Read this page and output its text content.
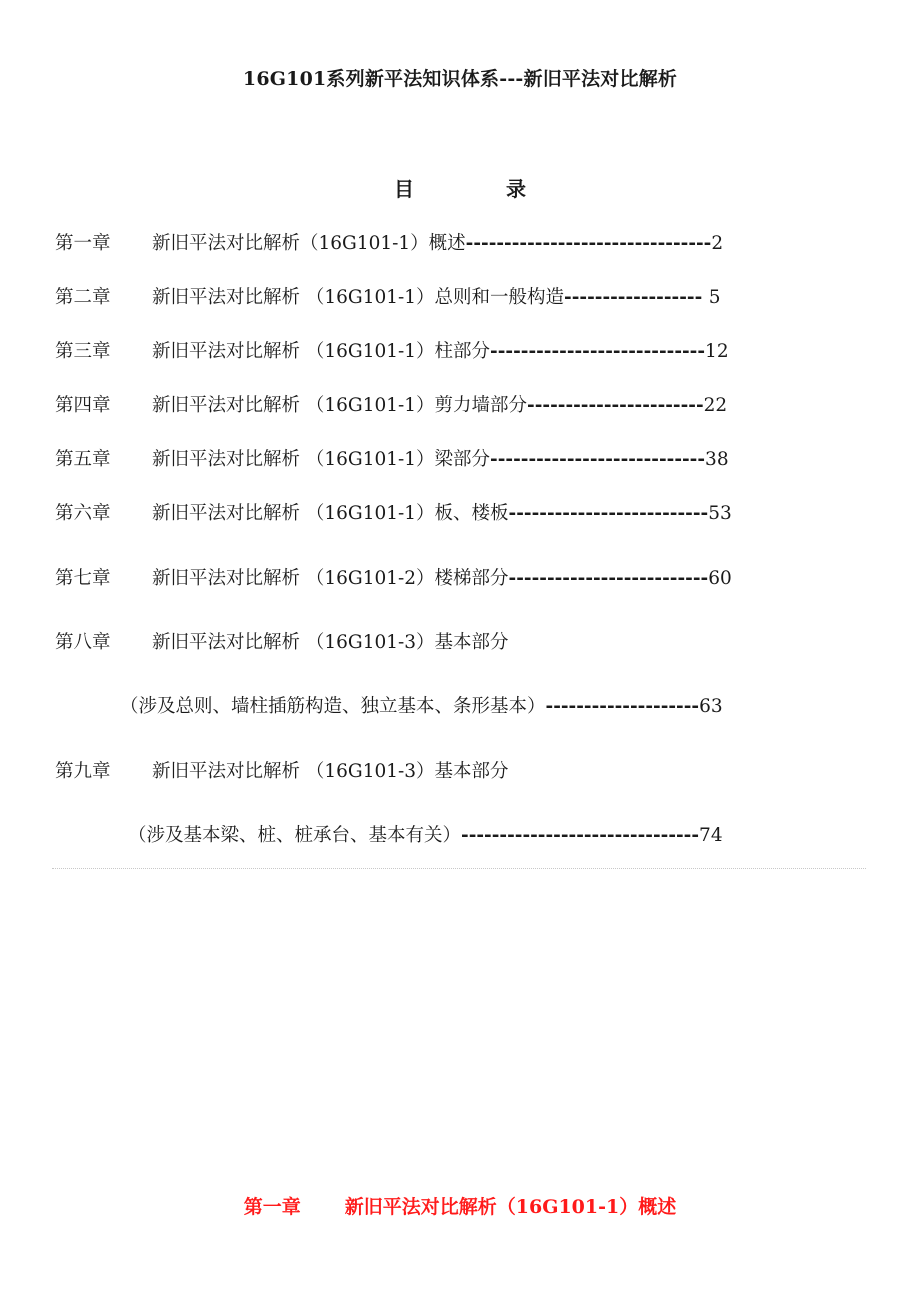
16G101系列新平法知识体系---新旧平法对比解析
目	录
第一章 新旧平法对比解析（16G101-1）概述--------------------------------2
第二章 新旧平法对比解析 （16G101-1）总则和一般构造------------------ 5
第三章 新旧平法对比解析 （16G101-1）柱部分----------------------------12
第四章 新旧平法对比解析 （16G101-1）剪力墙部分-----------------------22
第五章 新旧平法对比解析 （16G101-1）梁部分----------------------------38
第六章 新旧平法对比解析 （16G101-1）板、楼板--------------------------53
第七章 新旧平法对比解析 （16G101-2）楼梯部分--------------------------60
第八章 新旧平法对比解析 （16G101-3）基本部分
（涉及总则、墙柱插筋构造、独立基本、条形基本）--------------------63
第九章 新旧平法对比解析 （16G101-3）基本部分
（涉及基本梁、桩、桩承台、基本有关）-------------------------------74
第一章 新旧平法对比解析（16G101-1）概述
